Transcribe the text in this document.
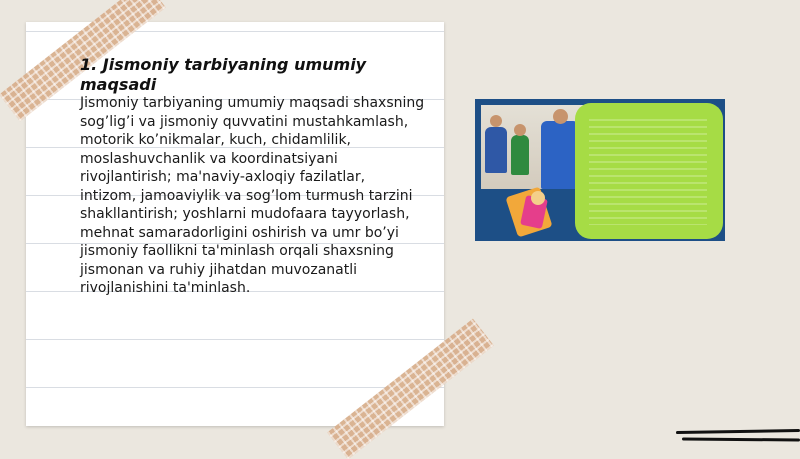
1. Jismoniy tarbiyaning umumiy maqsadi

Jismoniy tarbiyaning umumiy maqsadi shaxsning sog’lig’i va jismoniy quvvatini mustahkamlash, motorik ko’nikmalar, kuch, chidamlilik, moslashuvchanlik va koordinatsiyani rivojlantirish; ma'naviy-axloqiy fazilatlar, intizom, jamoaviylik va sog’lom turmush tarzini shakllantirish; yoshlarni mudofaara tayyorlash, mehnat samaradorligini oshirish va umr bo’yi jismoniy faollikni ta'minlash orqali shaxsning jismonan va ruhiy jihatdan muvozanatli rivojlanishini ta'minlash.
